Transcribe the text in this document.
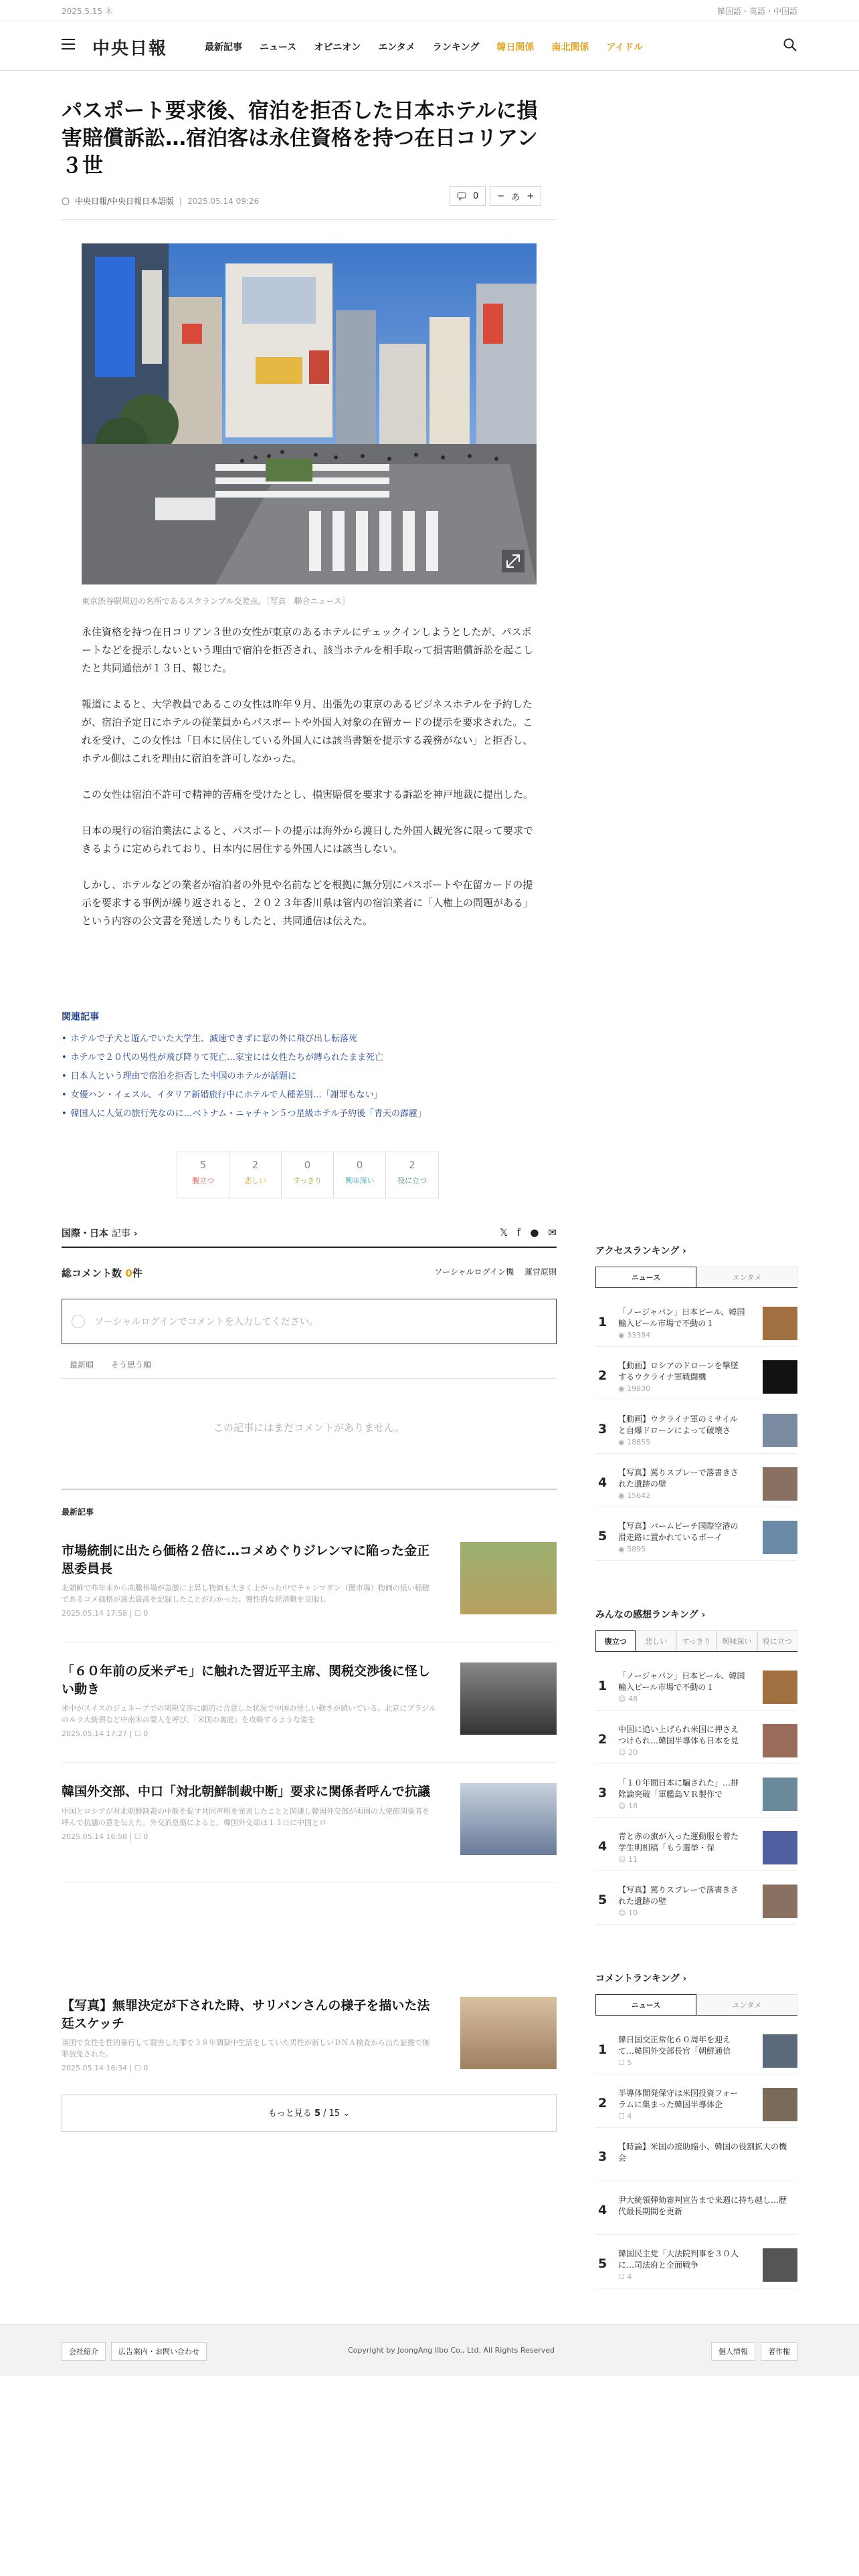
2025.5.15 木	韓国語・英語・中国語
中央日報	最新記事 ニュース オピニオン エンタメ ランキング 韓日関係 南北関係 アイドル
パスポート要求後、宿泊を拒否した日本ホテルに損害賠償訴訟…宿泊客は永住資格を持つ在日コリアン３世
中央日報/中央日報日本語版 | 2025.05.14 09:26	0 − あ +
東京渋谷駅周辺の名所であるスクランブル交差点。［写真　聯合ニュース］

永住資格を持つ在日コリアン３世の女性が東京のあるホテルにチェックインしようとしたが、パスポートなどを提示しないという理由で宿泊を拒否され、該当ホテルを相手取って損害賠償訴訟を起こしたと共同通信が１３日、報じた。

報道によると、大学教員であるこの女性は昨年９月、出張先の東京のあるビジネスホテルを予約したが、宿泊予定日にホテルの従業員からパスポートや外国人対象の在留カードの提示を要求された。これを受け、この女性は「日本に居住している外国人には該当書類を提示する義務がない」と拒否し、ホテル側はこれを理由に宿泊を許可しなかった。

この女性は宿泊不許可で精神的苦痛を受けたとし、損害賠償を要求する訴訟を神戸地裁に提出した。

日本の現行の宿泊業法によると、パスポートの提示は海外から渡日した外国人観光客に限って要求できるように定められており、日本内に居住する外国人には該当しない。

しかし、ホテルなどの業者が宿泊者の外見や名前などを根拠に無分別にパスポートや在留カードの提示を要求する事例が繰り返されると、２０２３年香川県は管内の宿泊業者に「人権上の問題がある」という内容の公文書を発送したりもしたと、共同通信は伝えた。

関連記事
• ホテルで子犬と遊んでいた大学生、滅速できずに窓の外に飛び出し転落死
• ホテルで２０代の男性が飛び降りて死亡…家宝には女性たちが縛られたまま死亡
• 日本人という理由で宿泊を拒否した中国のホテルが話題に
• 女優ハン・イェスル、イタリア新婚旅行中にホテルで人種差別…「謝罪もない」
• 韓国人に人気の旅行先なのに…ベトナム・ニャチャン５つ星級ホテル予約後「青天の霹靂」
5
腹立つ
2
悲しい
0
すっきり
0
興味深い
2
役に立つ
国際・日本 記事 ›	𝕏 f ● ✉
総コメント数 0件	ソーシャルログイン機 運営原則
ソーシャルログインでコメントを入力してください。
最新順 そう思う順
この記事にはまだコメントがありません。
最新記事
市場統制に出たら価格２倍に…コメめぐりジレンマに陥った金正恩委員長
北朝鮮で昨年末から高騰相場が急激に上昇し物価も大きく上がった中でチャンマダン（闇市場）物価の低い稲穂であるコメ価格が過去最高を記録したことがわかった。慢性的な経済難を克服し
2025.05.14 17:58 | ☐ 0
「６０年前の反米デモ」に触れた習近平主席、関税交渉後に怪しい動き
米中がスイスのジュネーブでの関税交渉に劇的に合意した状況で中国の怪しい動きが続いている。北京にブラジルのルラ大統領など中南米の要人を呼び、「米国の裏庭」を攻略するような姿を
2025.05.14 17:27 | ☐ 0
韓国外交部、中口「対北朝鮮制裁中断」要求に関係者呼んで抗議
中国とロシアが対北朝鮮制裁の中断を促す共同声明を発表したことと関連し韓国外交部が両国の大使館関係者を呼んで抗議の意を伝えた。外交消息筋によると、韓国外交部は１３日に中国とロ
2025.05.14 16:58 | ☐ 0
【写真】無罪決定が下された時、サリバンさんの様子を描いた法廷スケッチ
英国で女性を性的暴行して殺害した罪で３８年間獄中生活をしていた男性が新しいＤＮＡ検査から出た証拠で無罪放免された。
2025.05.14 16:34 | ☐ 0
もっと見る 5 / 15 ⌄
アクセスランキング ›
ニュース	エンタメ
1
「ノージャパン」日本ビール、韓国輸入ビール市場で不動の１
◉ 33384
2
【動画】ロシアのドローンを撃墜するウクライナ軍戦闘機
◉ 19830
3
【動画】ウクライナ軍のミサイルと自爆ドローンによって破壊さ
◉ 18855
4
【写真】罵りスプレーで落書きされた遺跡の壁
◉ 15642
5
【写真】パームビーチ国際空港の滑走路に置かれているボーイ
◉ 5895
みんなの感想ランキング ›
腹立つ	悲しい	すっきり	興味深い	役に立つ
1
「ノージャパン」日本ビール、韓国輸入ビール市場で不動の１
☺ 48
2
中国に追い上げられ米国に押さえつけられ…韓国半導体も日本を見
☺ 20
3
「１０年間日本に騙された」…排除論突破「軍艦島ＶＲ製作で
☺ 18
4
青と赤の旗が入った運動服を着た学生明相稿「もう選挙・保
☺ 11
5
【写真】罵りスプレーで落書きされた遺跡の壁
☺ 10
コメントランキング ›
ニュース	エンタメ
1
韓日国交正常化６０周年を迎えて…韓国外交部長官「朝鮮通信
☐ 5
2
半導体開発保守は米国投資フォーラムに集まった韓国半導体企
☐ 4
3
【時論】米国の接助縮小、韓国の役割拡大の機会
4
尹大統領弾劾審判宣告まで来週に持ち越し…歴代最長期間を更新
5
韓国民主党「大法院判事を３０人に…司法府と全面戦争
☐ 4
会社紹介	広告案内・お問い合わせ	Copyright by JoongAng Ilbo Co., Ltd. All Rights Reserved	個人情報	著作権
